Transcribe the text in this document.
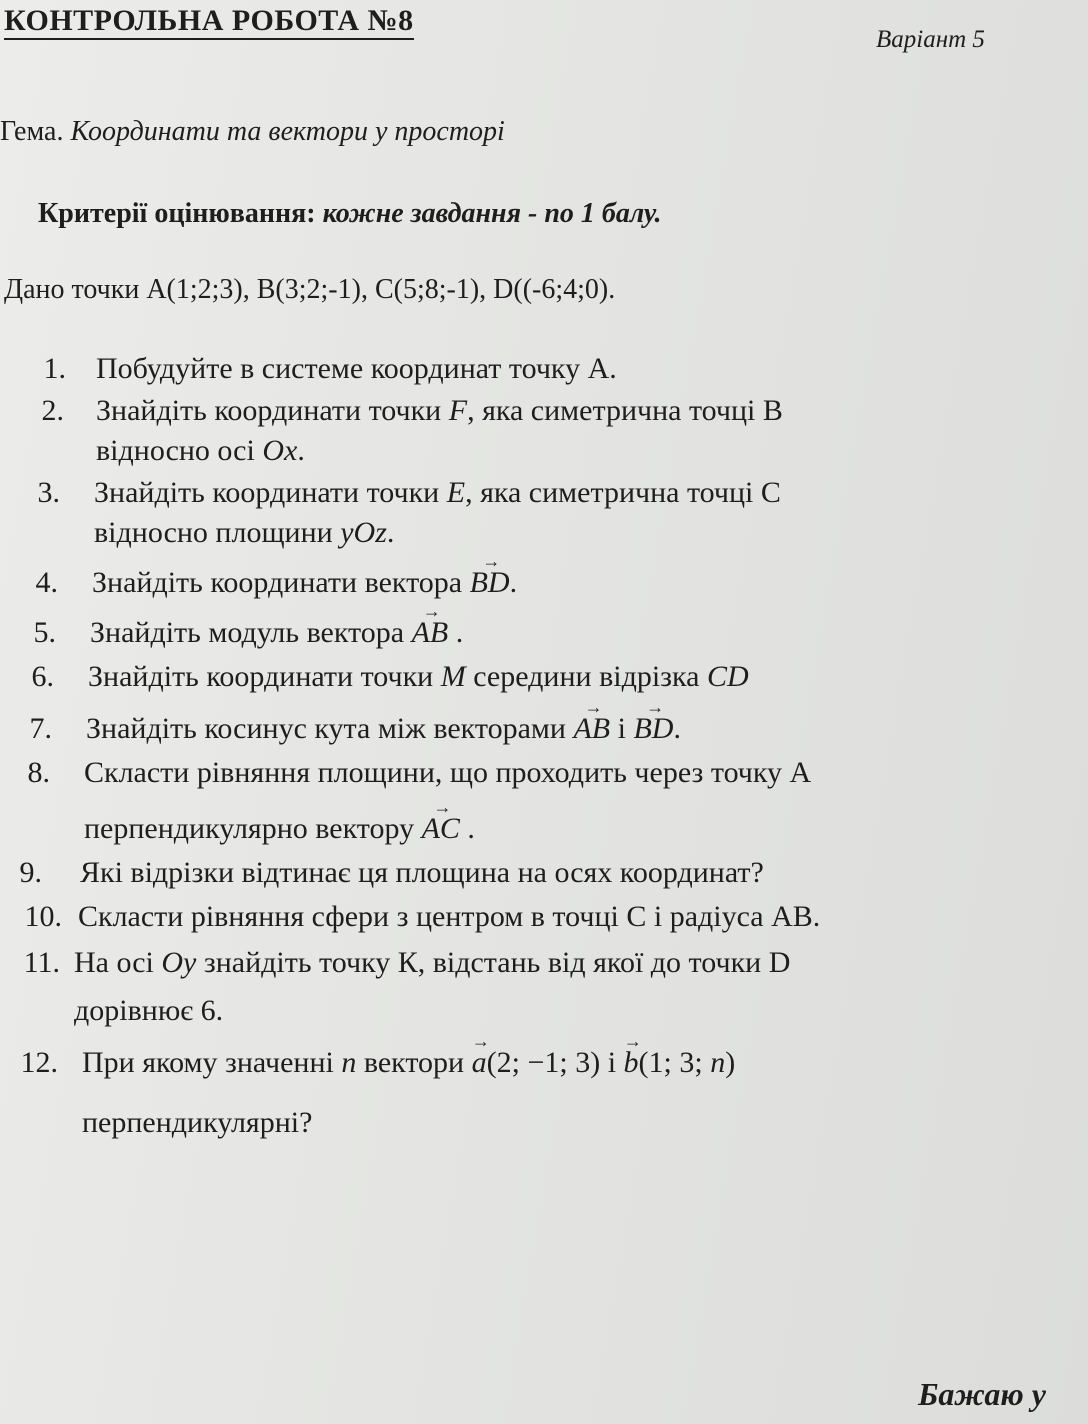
КОНТРОЛЬНА РОБОТА №8
Варіант 5
Гема. Координати та вектори у просторі
Критерії оцінювання: кожне завдання - по 1 балу.
Дано точки А(1;2;3), В(3;2;-1), С(5;8;-1), D((-6;4;0).
1. Побудуйте в системе координат точку А.
2. Знайдіть координати точки F, яка симетрична точці В
відносно осі Ox.
3. Знайдіть координати точки E, яка симетрична точці С
відносно площини yOz.
4. Знайдіть координати вектора → BD.
5. Знайдіть модуль вектора → AB .
6. Знайдіть координати точки M середини відрізка CD
7. Знайдіть косинус кута між векторами → AB і → BD.
8. Скласти рівняння площини, що проходить через точку А
перпендикулярно вектору → AC .
9. Які відрізки відтинає ця площина на осях координат?
10. Скласти рівняння сфери з центром в точці С і радіуса АВ.
11. На осі Oy знайдіть точку К, відстань від якої до точки D
дорівнює 6.
12. При якому значенні n вектори → a(2; −1; 3) і → b(1; 3; n)
перпендикулярні?
Бажаю у
